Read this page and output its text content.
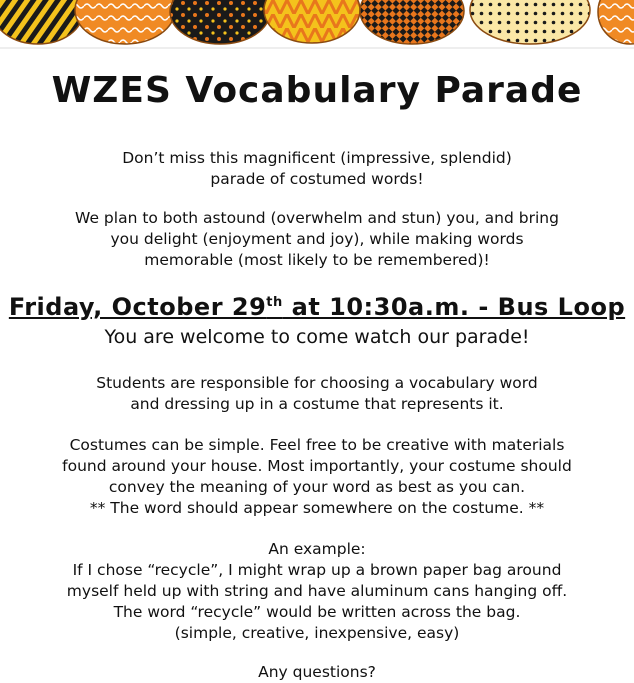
WZES Vocabulary Parade

Don’t miss this magnificent (impressive, splendid)
parade of costumed words!

We plan to both astound (overwhelm and stun) you, and bring
you delight (enjoyment and joy), while making words
memorable (most likely to be remembered)!

Friday, October 29th at 10:30a.m. - Bus Loop
You are welcome to come watch our parade!

Students are responsible for choosing a vocabulary word
and dressing up in a costume that represents it.

Costumes can be simple. Feel free to be creative with materials
found around your house. Most importantly, your costume should
convey the meaning of your word as best as you can.
** The word should appear somewhere on the costume. **

An example:
If I chose “recycle”, I might wrap up a brown paper bag around
myself held up with string and have aluminum cans hanging off.
The word “recycle” would be written across the bag.
(simple, creative, inexpensive, easy)

Any questions?
